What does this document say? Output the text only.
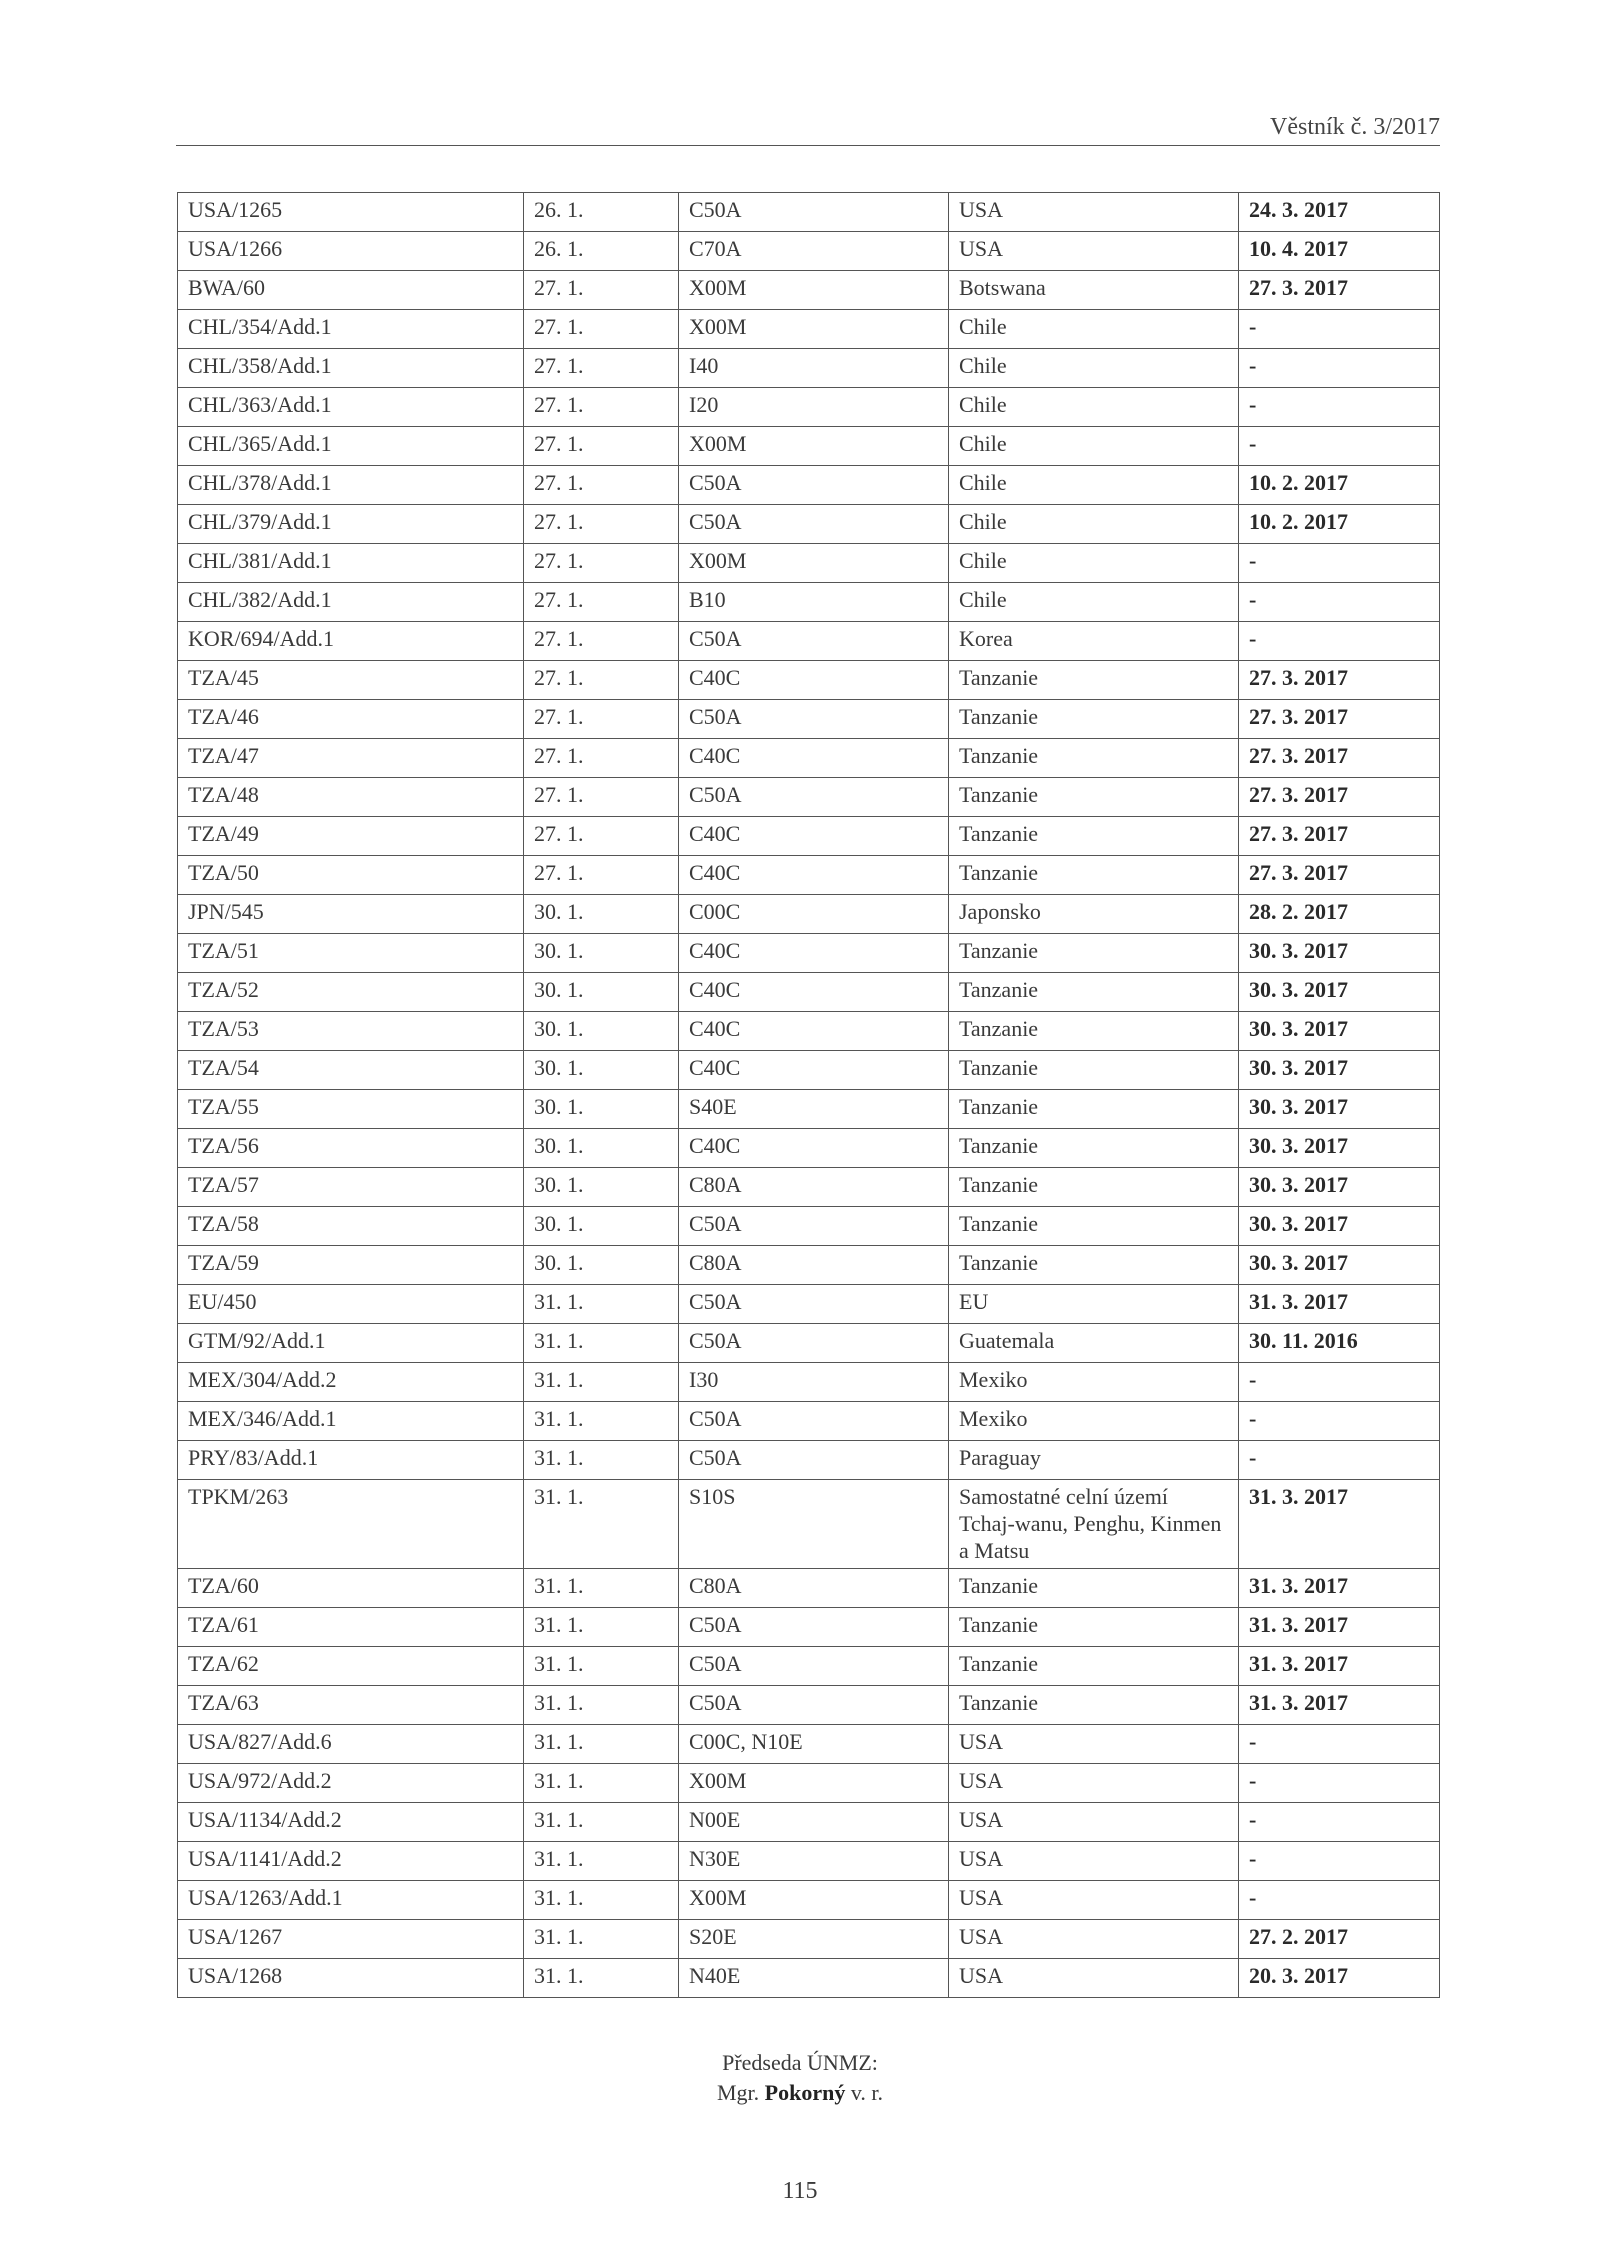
Věstník č. 3/2017
USA/1265	26. 1.	C50A	USA	24. 3. 2017
USA/1266	26. 1.	C70A	USA	10. 4. 2017
BWA/60	27. 1.	X00M	Botswana	27. 3. 2017
CHL/354/Add.1	27. 1.	X00M	Chile	-
CHL/358/Add.1	27. 1.	I40	Chile	-
CHL/363/Add.1	27. 1.	I20	Chile	-
CHL/365/Add.1	27. 1.	X00M	Chile	-
CHL/378/Add.1	27. 1.	C50A	Chile	10. 2. 2017
CHL/379/Add.1	27. 1.	C50A	Chile	10. 2. 2017
CHL/381/Add.1	27. 1.	X00M	Chile	-
CHL/382/Add.1	27. 1.	B10	Chile	-
KOR/694/Add.1	27. 1.	C50A	Korea	-
TZA/45	27. 1.	C40C	Tanzanie	27. 3. 2017
TZA/46	27. 1.	C50A	Tanzanie	27. 3. 2017
TZA/47	27. 1.	C40C	Tanzanie	27. 3. 2017
TZA/48	27. 1.	C50A	Tanzanie	27. 3. 2017
TZA/49	27. 1.	C40C	Tanzanie	27. 3. 2017
TZA/50	27. 1.	C40C	Tanzanie	27. 3. 2017
JPN/545	30. 1.	C00C	Japonsko	28. 2. 2017
TZA/51	30. 1.	C40C	Tanzanie	30. 3. 2017
TZA/52	30. 1.	C40C	Tanzanie	30. 3. 2017
TZA/53	30. 1.	C40C	Tanzanie	30. 3. 2017
TZA/54	30. 1.	C40C	Tanzanie	30. 3. 2017
TZA/55	30. 1.	S40E	Tanzanie	30. 3. 2017
TZA/56	30. 1.	C40C	Tanzanie	30. 3. 2017
TZA/57	30. 1.	C80A	Tanzanie	30. 3. 2017
TZA/58	30. 1.	C50A	Tanzanie	30. 3. 2017
TZA/59	30. 1.	C80A	Tanzanie	30. 3. 2017
EU/450	31. 1.	C50A	EU	31. 3. 2017
GTM/92/Add.1	31. 1.	C50A	Guatemala	30. 11. 2016
MEX/304/Add.2	31. 1.	I30	Mexiko	-
MEX/346/Add.1	31. 1.	C50A	Mexiko	-
PRY/83/Add.1	31. 1.	C50A	Paraguay	-
TPKM/263	31. 1.	S10S	Samostatné celní území Tchaj-wanu, Penghu, Kinmen a Matsu	31. 3. 2017
TZA/60	31. 1.	C80A	Tanzanie	31. 3. 2017
TZA/61	31. 1.	C50A	Tanzanie	31. 3. 2017
TZA/62	31. 1.	C50A	Tanzanie	31. 3. 2017
TZA/63	31. 1.	C50A	Tanzanie	31. 3. 2017
USA/827/Add.6	31. 1.	C00C, N10E	USA	-
USA/972/Add.2	31. 1.	X00M	USA	-
USA/1134/Add.2	31. 1.	N00E	USA	-
USA/1141/Add.2	31. 1.	N30E	USA	-
USA/1263/Add.1	31. 1.	X00M	USA	-
USA/1267	31. 1.	S20E	USA	27. 2. 2017
USA/1268	31. 1.	N40E	USA	20. 3. 2017
Předseda ÚNMZ:
Mgr. Pokorný v. r.
115
